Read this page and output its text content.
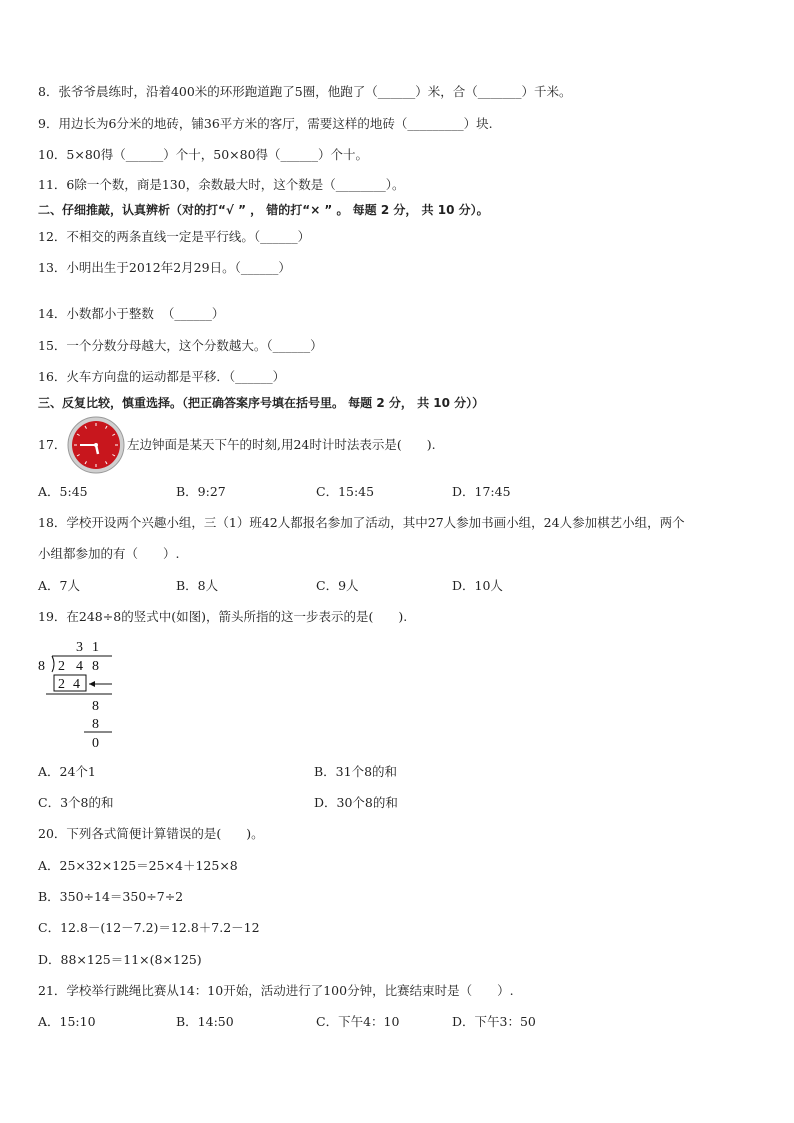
8．张爷爷晨练时，沿着400米的环形跑道跑了5圈，他跑了（______）米，合（_______）千米。
9．用边长为6分米的地砖，铺36平方米的客厅，需要这样的地砖（_________）块.
10．5×80得（______）个十，50×80得（______）个十。
11．6除一个数，商是130，余数最大时，这个数是（________）。
二、仔细推敲，认真辨析（对的打“√ ” ， 错的打“× ” 。 每题 2 分， 共 10 分）。
12．不相交的两条直线一定是平行线。（______）
13．小明出生于2012年2月29日。（______）
14．小数都小于整数  （______）
15．一个分数分母越大，这个分数越大。（______）
16．火车方向盘的运动都是平移．（______）
三、反复比较，慎重选择。（把正确答案序号填在括号里。 每题 2 分， 共 10 分））
17．	左边钟面是某天下午的时刻,用24时计时法表示是(　　).
A．5:45	B．9:27	C．15:45	D．17:45
18．学校开设两个兴趣小组，三（1）班42人都报名参加了活动，其中27人参加书画小组，24人参加棋艺小组，两个
小组都参加的有（　　）.
A．7人	B．8人	C．9人	D．10人
19．在248÷8的竖式中(如图)，箭头所指的这一步表示的是(　　).
3 1
8 2 4 8
2 4
8
8
0
A．24个1	B．31个8的和
C．3个8的和	D．30个8的和
20．下列各式简便计算错误的是(　　)。
A．25×32×125＝25×4＋125×8
B．350÷14＝350÷7÷2
C．12.8－(12－7.2)＝12.8＋7.2－12
D．88×125＝11×(8×125)
21．学校举行跳绳比赛从14：10开始，活动进行了100分钟，比赛结束时是（　　）.
A．15:10	B．14:50	C．下午4：10	D．下午3：50
